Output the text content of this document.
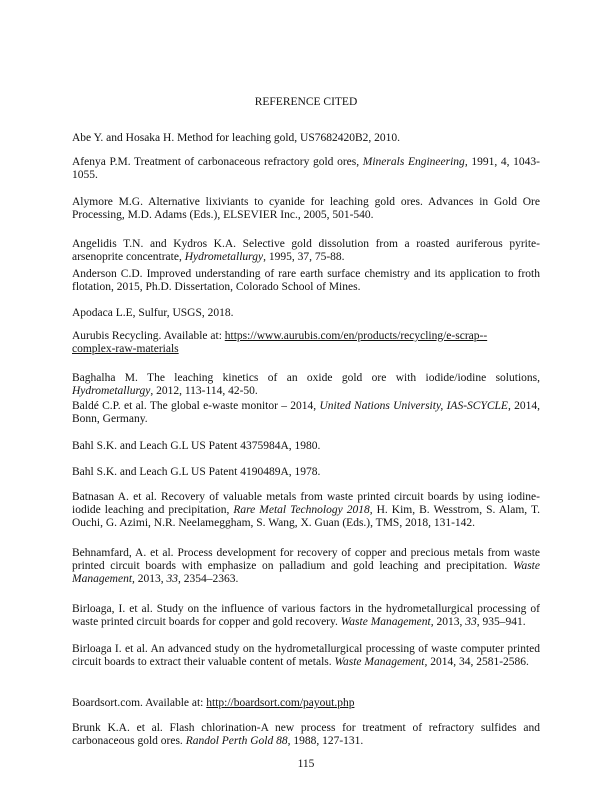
REFERENCE CITED
Abe Y. and Hosaka H. Method for leaching gold, US7682420B2, 2010.
Afenya P.M. Treatment of carbonaceous refractory gold ores, Minerals Engineering, 1991, 4, 1043-1055.
Alymore M.G. Alternative lixiviants to cyanide for leaching gold ores. Advances in Gold Ore Processing, M.D. Adams (Eds.), ELSEVIER Inc., 2005, 501-540.
Angelidis T.N. and Kydros K.A. Selective gold dissolution from a roasted auriferous pyrite-arsenoprite concentrate, Hydrometallurgy, 1995, 37, 75-88.
Anderson C.D. Improved understanding of rare earth surface chemistry and its application to froth flotation, 2015, Ph.D. Dissertation, Colorado School of Mines.
Apodaca L.E, Sulfur, USGS, 2018.
Aurubis Recycling. Available at: https://www.aurubis.com/en/products/recycling/e-scrap--
complex-raw-materials
Baghalha M. The leaching kinetics of an oxide gold ore with iodide/iodine solutions, Hydrometallurgy, 2012, 113-114, 42-50.
Baldé C.P. et al. The global e-waste monitor – 2014, United Nations University, IAS-SCYCLE, 2014, Bonn, Germany.
Bahl S.K. and Leach G.L US Patent 4375984A, 1980.
Bahl S.K. and Leach G.L US Patent 4190489A, 1978.
Batnasan A. et al. Recovery of valuable metals from waste printed circuit boards by using iodine-iodide leaching and precipitation, Rare Metal Technology 2018, H. Kim, B. Wesstrom, S. Alam, T. Ouchi, G. Azimi, N.R. Neelameggham, S. Wang, X. Guan (Eds.), TMS, 2018, 131-142.
Behnamfard, A. et al. Process development for recovery of copper and precious metals from waste printed circuit boards with emphasize on palladium and gold leaching and precipitation. Waste Management, 2013, 33, 2354–2363.
Birloaga, I. et al. Study on the influence of various factors in the hydrometallurgical processing of waste printed circuit boards for copper and gold recovery. Waste Management, 2013, 33, 935–941.
Birloaga I. et al. An advanced study on the hydrometallurgical processing of waste computer printed circuit boards to extract their valuable content of metals. Waste Management, 2014, 34, 2581-2586.
Boardsort.com. Available at: http://boardsort.com/payout.php
Brunk K.A. et al. Flash chlorination-A new process for treatment of refractory sulfides and carbonaceous gold ores. Randol Perth Gold 88, 1988, 127-131.
115
